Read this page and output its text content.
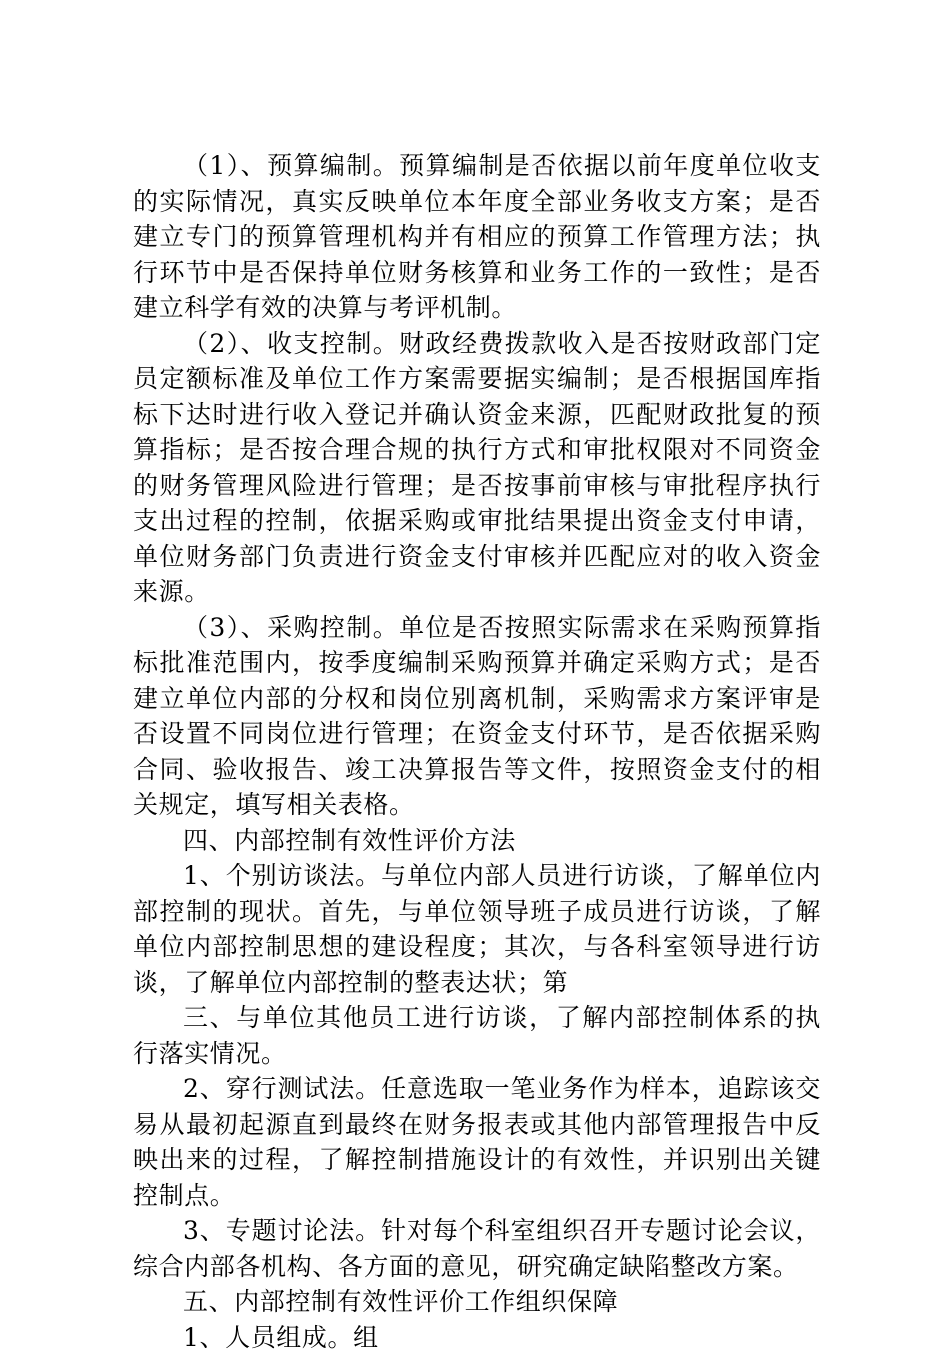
（1）、预算编制。预算编制是否依据以前年度单位收支的实际情况，真实反映单位本年度全部业务收支方案；是否建立专门的预算管理机构并有相应的预算工作管理方法；执行环节中是否保持单位财务核算和业务工作的一致性；是否建立科学有效的决算与考评机制。

（2）、收支控制。财政经费拨款收入是否按财政部门定员定额标准及单位工作方案需要据实编制；是否根据国库指标下达时进行收入登记并确认资金来源，匹配财政批复的预算指标；是否按合理合规的执行方式和审批权限对不同资金的财务管理风险进行管理；是否按事前审核与审批程序执行支出过程的控制，依据采购或审批结果提出资金支付申请，单位财务部门负责进行资金支付审核并匹配应对的收入资金来源。

（3）、采购控制。单位是否按照实际需求在采购预算指标批准范围内，按季度编制采购预算并确定采购方式；是否建立单位内部的分权和岗位别离机制，采购需求方案评审是否设置不同岗位进行管理；在资金支付环节，是否依据采购合同、验收报告、竣工决算报告等文件，按照资金支付的相关规定，填写相关表格。

四、内部控制有效性评价方法

1、个别访谈法。与单位内部人员进行访谈，了解单位内部控制的现状。首先，与单位领导班子成员进行访谈，了解单位内部控制思想的建设程度；其次，与各科室领导进行访谈，了解单位内部控制的整表达状；第

三、与单位其他员工进行访谈，了解内部控制体系的执行落实情况。

2、穿行测试法。任意选取一笔业务作为样本，追踪该交易从最初起源直到最终在财务报表或其他内部管理报告中反映出来的过程，了解控制措施设计的有效性，并识别出关键控制点。

3、专题讨论法。针对每个科室组织召开专题讨论会议，综合内部各机构、各方面的意见，研究确定缺陷整改方案。

五、内部控制有效性评价工作组织保障

1、人员组成。组
